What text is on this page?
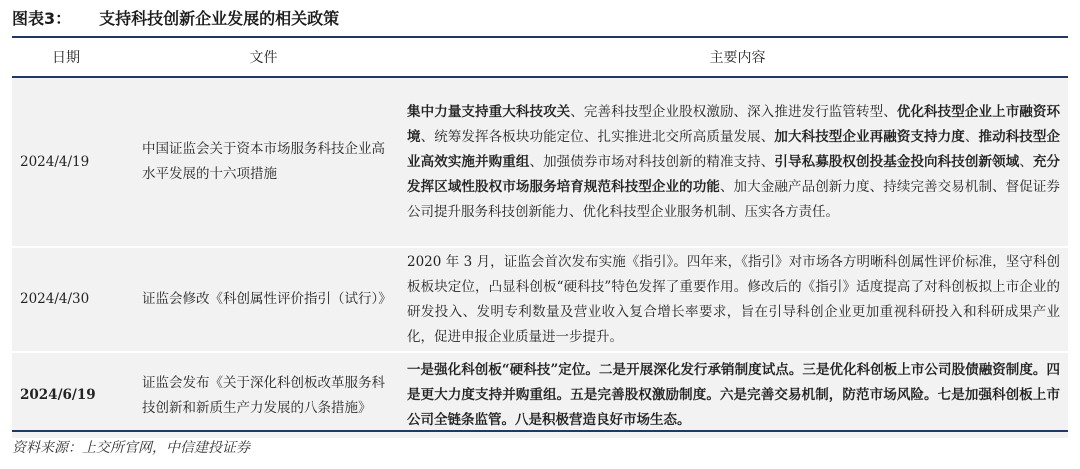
图表3： 支持科技创新企业发展的相关政策
日期	文件	主要内容
2024/4/19	中国证监会关于资本市场服务科技企业高水平发展的十六项措施	集中力量支持重大科技攻关、完善科技型企业股权激励、深入推进发行监管转型、优化科技型企业上市融资环境、统筹发挥各板块功能定位、扎实推进北交所高质量发展、加大科技型企业再融资支持力度、推动科技型企业高效实施并购重组、加强债券市场对科技创新的精准支持、引导私募股权创投基金投向科技创新领域、充分发挥区域性股权市场服务培育规范科技型企业的功能、加大金融产品创新力度、持续完善交易机制、督促证券公司提升服务科技创新能力、优化科技型企业服务机制、压实各方责任。
2024/4/30	证监会修改《科创属性评价指引（试行）》	2020 年 3 月，证监会首次发布实施《指引》。四年来，《指引》对市场各方明晰科创属性评价标准，坚守科创板板块定位，凸显科创板“硬科技”特色发挥了重要作用。修改后的《指引》适度提高了对科创板拟上市企业的研发投入、发明专利数量及营业收入复合增长率要求，旨在引导科创企业更加重视科研投入和科研成果产业化，促进申报企业质量进一步提升。
2024/6/19	证监会发布《关于深化科创板改革服务科技创新和新质生产力发展的八条措施》	一是强化科创板“硬科技”定位。二是开展深化发行承销制度试点。三是优化科创板上市公司股债融资制度。四是更大力度支持并购重组。五是完善股权激励制度。六是完善交易机制，防范市场风险。七是加强科创板上市公司全链条监管。八是积极营造良好市场生态。
资料来源：上交所官网，中信建投证券
